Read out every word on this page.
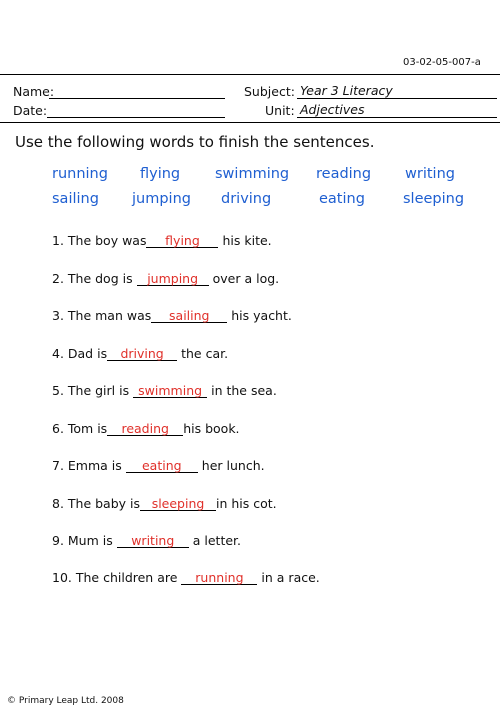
03-02-05-007-a
Name:	Subject: Year 3 Literacy
Date:	Unit: Adjectives
Use the following words to finish the sentences.
running flying swimming reading writing
sailing jumping driving	eating	sleeping
1. The boy was	flying	his kite.
2. The dog is	jumping	over a log.
3. The man was	sailing	his yacht.
4. Dad is	driving	the car.
5. The girl is swimming in the sea.
6. Tom is	reading	his book.
7. Emma is	eating	her lunch.
8. The baby is sleeping in his cot.
9. Mum is	writing	a letter.
10. The children are	running	in a race.
© Primary Leap Ltd. 2008
